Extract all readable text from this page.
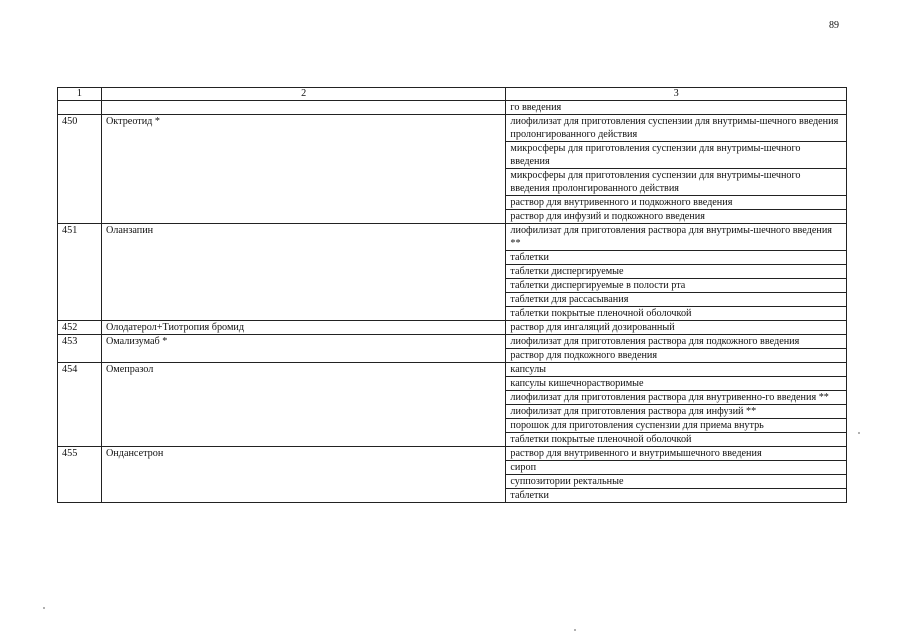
89
1	2	3
		го введения
450	Октреотид *	лиофилизат для приготовления суспензии для внутримы-шечного введения пролонгированного действия
		микросферы для приготовления суспензии для внутримы-шечного введения
		микросферы для приготовления суспензии для внутримы-шечного введения пролонгированного действия
		раствор для внутривенного и подкожного введения
		раствор для инфузий и подкожного введения
451	Оланзапин	лиофилизат для приготовления раствора для внутримы-шечного введения **
		таблетки
		таблетки диспергируемые
		таблетки диспергируемые в полости рта
		таблетки для рассасывания
		таблетки покрытые пленочной оболочкой
452	Олодатерол+Тиотропия бромид	раствор для ингаляций дозированный
453	Омализумаб *	лиофилизат для приготовления раствора для подкожного введения
		раствор для подкожного введения
454	Омепразол	капсулы
		капсулы кишечнорастворимые
		лиофилизат для приготовления раствора для внутривенно-го введения **
		лиофилизат для приготовления раствора для инфузий **
		порошок для приготовления суспензии для приема внутрь
		таблетки покрытые пленочной оболочкой
455	Ондансетрон	раствор для внутривенного и внутримышечного введения
		сироп
		суппозитории ректальные
		таблетки
